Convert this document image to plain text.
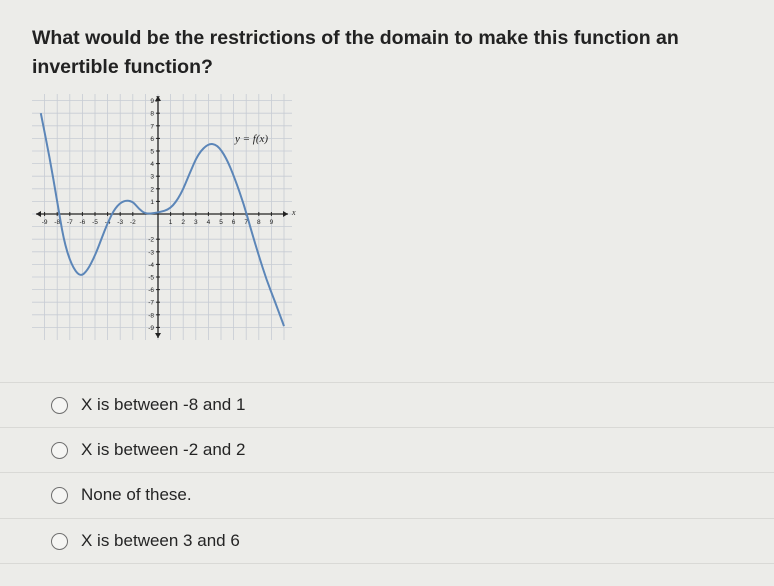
What would be the restrictions of the domain to make this function an invertible function?
-9 -8 -7 -6 -5 -4 -3 -2	1 2 3 4 5 6 7 8 9
9
8
7
6
5
4
3
2
1
-2
-3
-4
-5
-6
-7
-8
-9
y = f(x)
x
y
X is between -8 and 1
X is between -2 and 2
None of these.
X is between 3 and 6
